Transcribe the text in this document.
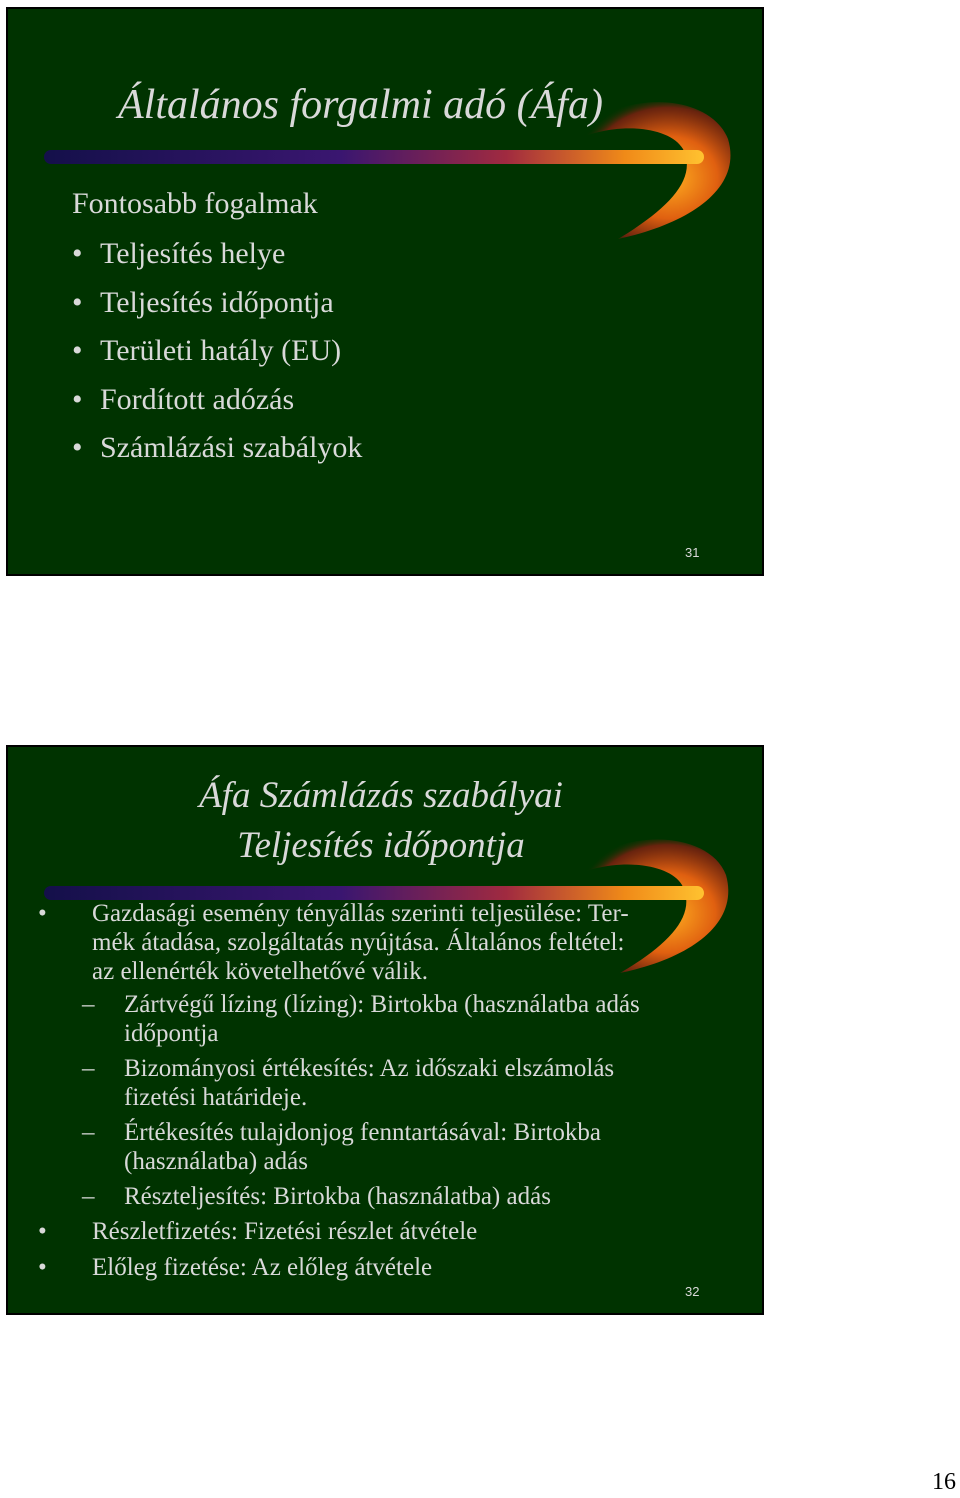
Általános forgalmi adó (Áfa)
Fontosabb fogalmak
• Teljesítés helye
• Teljesítés időpontja
• Területi hatály (EU)
• Fordított adózás
• Számlázási szabályok
31
Áfa Számlázás szabályai
Teljesítés időpontja
• Gazdasági esemény tényállás szerinti teljesülése: Ter-
mék átadása, szolgáltatás nyújtása. Általános feltétel:
az ellenérték követelhetővé válik.
– Zártvégű lízing (lízing): Birtokba (használatba adás
időpontja
– Bizományosi értékesítés: Az időszaki elszámolás
fizetési határideje.
– Értékesítés tulajdonjog fenntartásával: Birtokba
(használatba) adás
– Részteljesítés: Birtokba (használatba) adás
• Részletfizetés: Fizetési részlet átvétele
• Előleg fizetése: Az előleg átvétele
32
16
